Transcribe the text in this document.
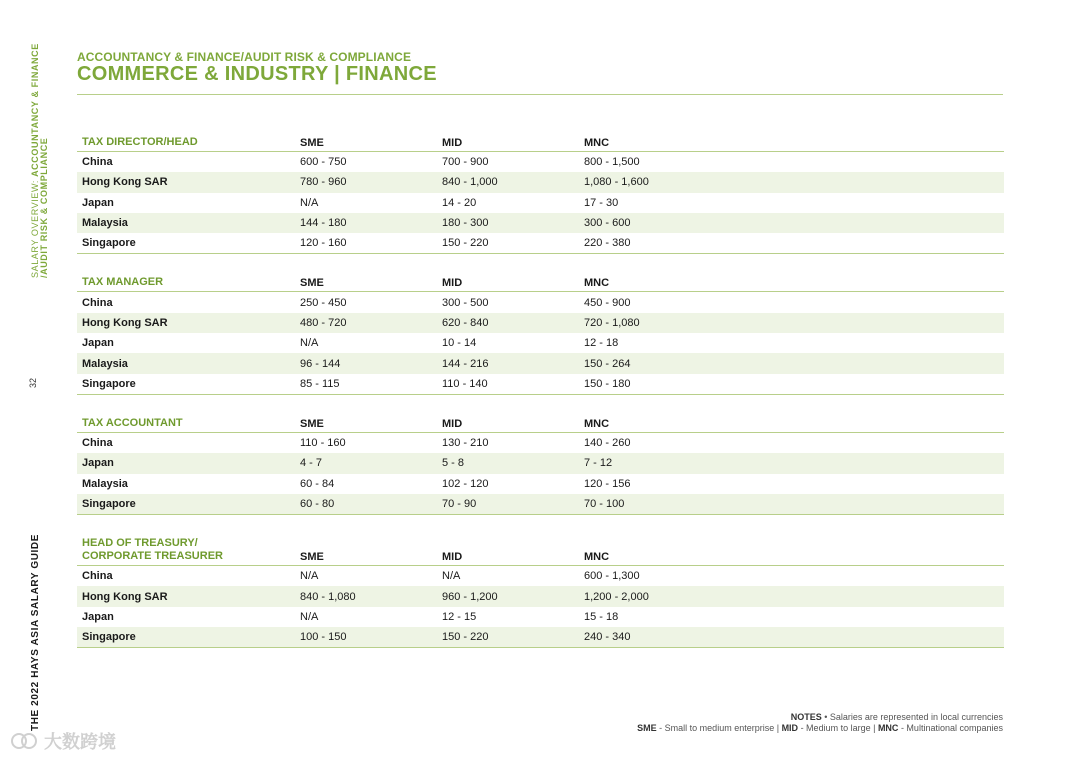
SALARY OVERVIEW: ACCOUNTANCY & FINANCE
/AUDIT RISK & COMPLIANCE
32
THE 2022 HAYS ASIA SALARY GUIDE
ACCOUNTANCY & FINANCE/AUDIT RISK & COMPLIANCE
COMMERCE & INDUSTRY | FINANCE
TAX DIRECTOR/HEAD	SME	MID	MNC
China	600 - 750	700 - 900	800 - 1,500
Hong Kong SAR	780 - 960	840 - 1,000	1,080 - 1,600
Japan	N/A	14 - 20	17 - 30
Malaysia	144 - 180	180 - 300	300 - 600
Singapore	120 - 160	150 - 220	220 - 380
TAX MANAGER	SME	MID	MNC
China	250 - 450	300 - 500	450 - 900
Hong Kong SAR	480 - 720	620 - 840	720 - 1,080
Japan	N/A	10 - 14	12 - 18
Malaysia	96 - 144	144 - 216	150 - 264
Singapore	85 - 115	110 - 140	150 - 180
TAX ACCOUNTANT	SME	MID	MNC
China	110 - 160	130 - 210	140 - 260
Japan	4 - 7	5 - 8	7 - 12
Malaysia	60 - 84	102 - 120	120 - 156
Singapore	60 - 80	70 - 90	70 - 100
HEAD OF TREASURY/
CORPORATE TREASURER	SME	MID	MNC
China	N/A	N/A	600 - 1,300
Hong Kong SAR	840 - 1,080	960 - 1,200	1,200 - 2,000
Japan	N/A	12 - 15	15 - 18
Singapore	100 - 150	150 - 220	240 - 340
NOTES • Salaries are represented in local currencies
SME - Small to medium enterprise | MID - Medium to large | MNC - Multinational companies
大数跨境
